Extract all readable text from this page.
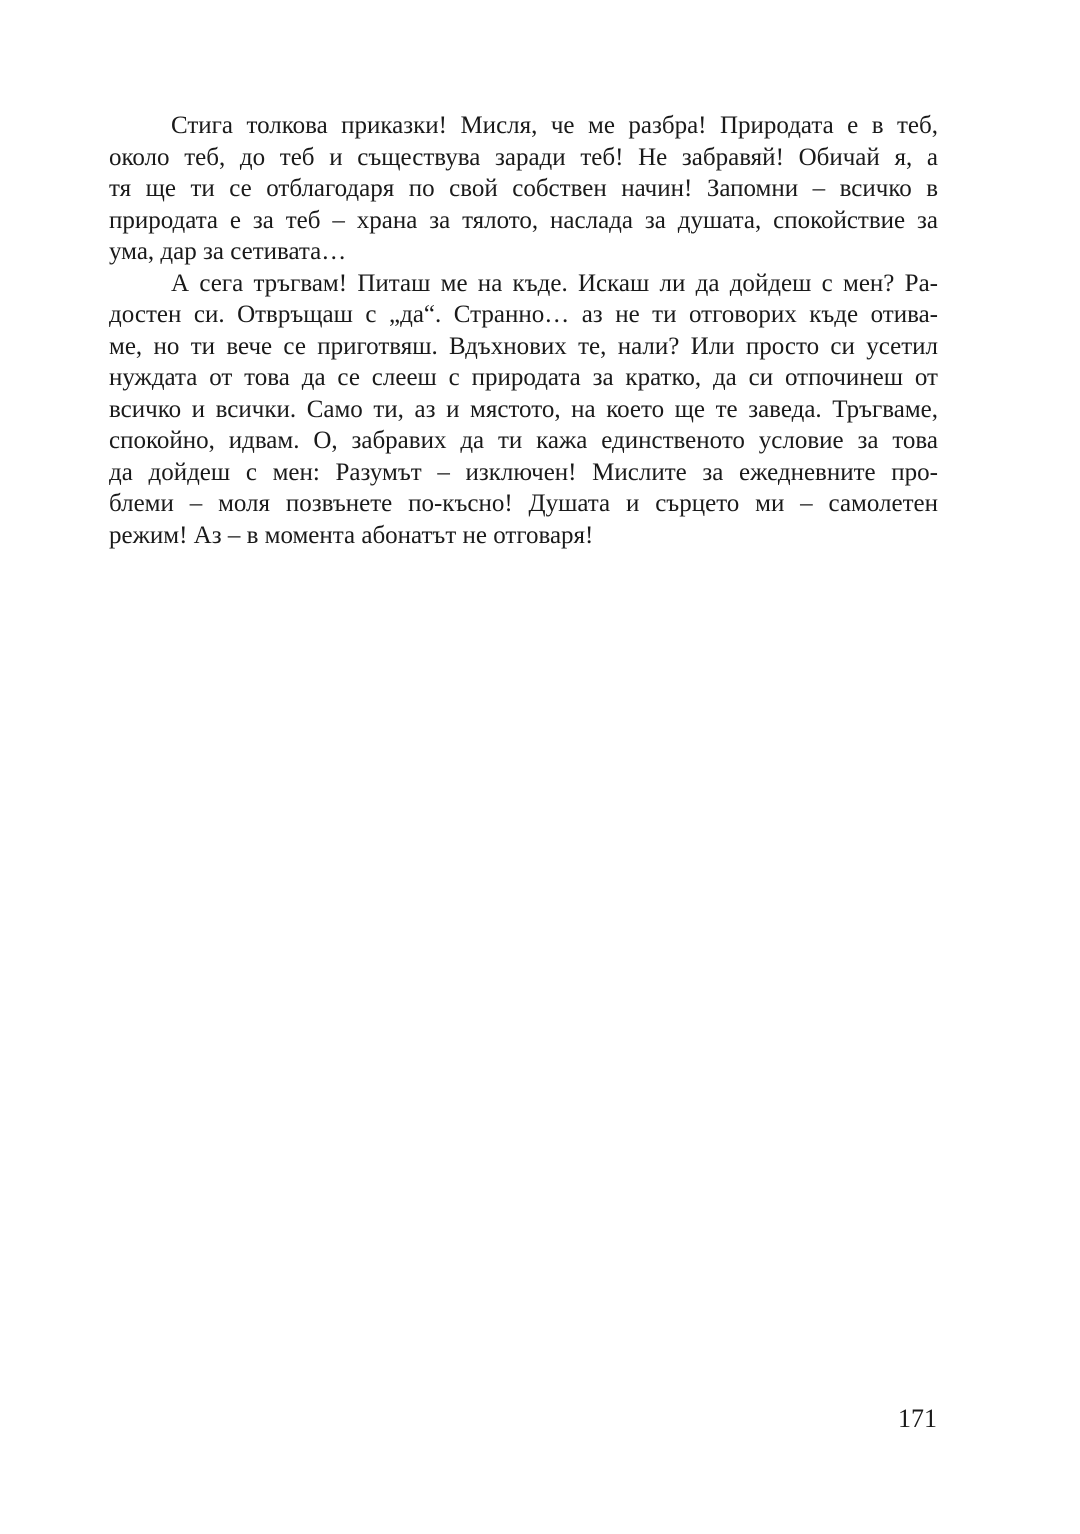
Стига толкова приказки! Мисля, че ме разбра! Природата е в теб,
около теб, до теб и съществува заради теб! Не забравяй! Обичай я, а
тя ще ти се отблагодаря по свой собствен начин! Запомни – всичко в
природата е за теб – храна за тялото, наслада за душата, спокойствие за
ума, дар за сетивата…

А сега тръгвам! Питаш ме на къде. Искаш ли да дойдеш с мен? Ра-
достен си. Отвръщаш с „да“. Странно… аз не ти отговорих къде отива-
ме, но ти вече се приготвяш. Вдъхнових те, нали? Или просто си усетил
нуждата от това да се слееш с природата за кратко, да си отпочинеш от
всичко и всички. Само ти, аз и мястото, на което ще те заведа. Тръгваме,
спокойно, идвам. О, забравих да ти кажа единственото условие за това
да дойдеш с мен: Разумът – изключен! Мислите за ежедневните про-
блеми – моля позвънете по-късно! Душата и сърцето ми – самолетен
режим! Аз – в момента абонатът не отговаря!

171
